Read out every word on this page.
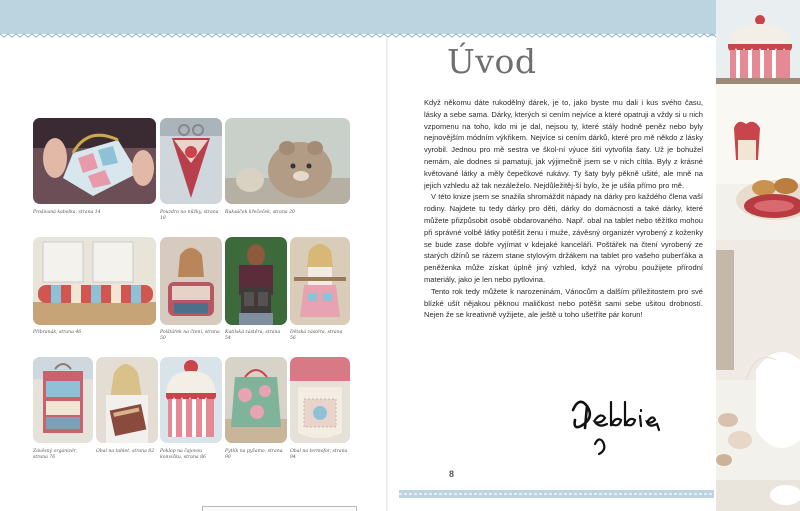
Prošívaná kabelka, strana 14	Pouzdro na nůžky, strana 18
Ruksáček křečeček, strana 20
Přibranák, strana 46	Polštářek na čtení, strana 50
Kutilská zástěra, strana 54
Dětská zástěra, strana 56
Závěsný organizér, strana 76
Obal na tablet, strana 82	Poklop na čajovou konvičku, strana 86
Pytlík na pyžamo, strana 90
Obal na termofor, strana 94
Úvod

Když někomu dáte rukodělný dárek, je to, jako byste mu dali i kus svého času, lásky a sebe sama. Dárky, kterých si cením nejvíce a které opatruji a vždy si u nich vzpomenu na toho, kdo mi je dal, nejsou ty, které stály hodně peněz nebo byly nejnovějším módním výkřikem. Nejvíce si cením dárků, které pro mě někdo z lásky vyrobil. Jednou pro mě sestra ve škol-ní výuce šití vytvořila šaty. Už je bohužel nemám, ale dodnes si pamatuji, jak výjimečně jsem se v nich cítila. Byly z krásné květované látky a měly čepečkové rukávy. Ty šaty byly pěkně ušité, ale mně na jejich vzhledu až tak nezáleželo. Nejdůležitěj-ší bylo, že je ušila přímo pro mě.

V této knize jsem se snažila shromáždit nápady na dárky pro každého člena vaší rodiny. Najdete tu tedy dárky pro děti, dárky do domácnosti a také dárky, které můžete přizpůsobit osobě obdarovaného. Např. obal na tablet nebo těžítko mohou při správné volbě látky potěšit ženu i muže, závěsný organizér vyrobený z koženky se bude zase dobře vyjímat v kdejaké kanceláři. Poštářek na čtení vyrobený ze starých džínů se rázem stane stylovým držákem na tablet pro vašeho puberťáka a peněženka může získat úplně jiný vzhled, když na výrobu použijete přírodní materiály, jako je len nebo pytlovina.

Tento rok tedy můžete k narozeninám, Vánocům a dalším příležitostem pro své blízké ušít nějakou pěknou maličkost nebo potěšit sami sebe ušitou drobností. Nejen že se kreativně vyžijete, ale ještě u toho ušetříte pár korun!

8
